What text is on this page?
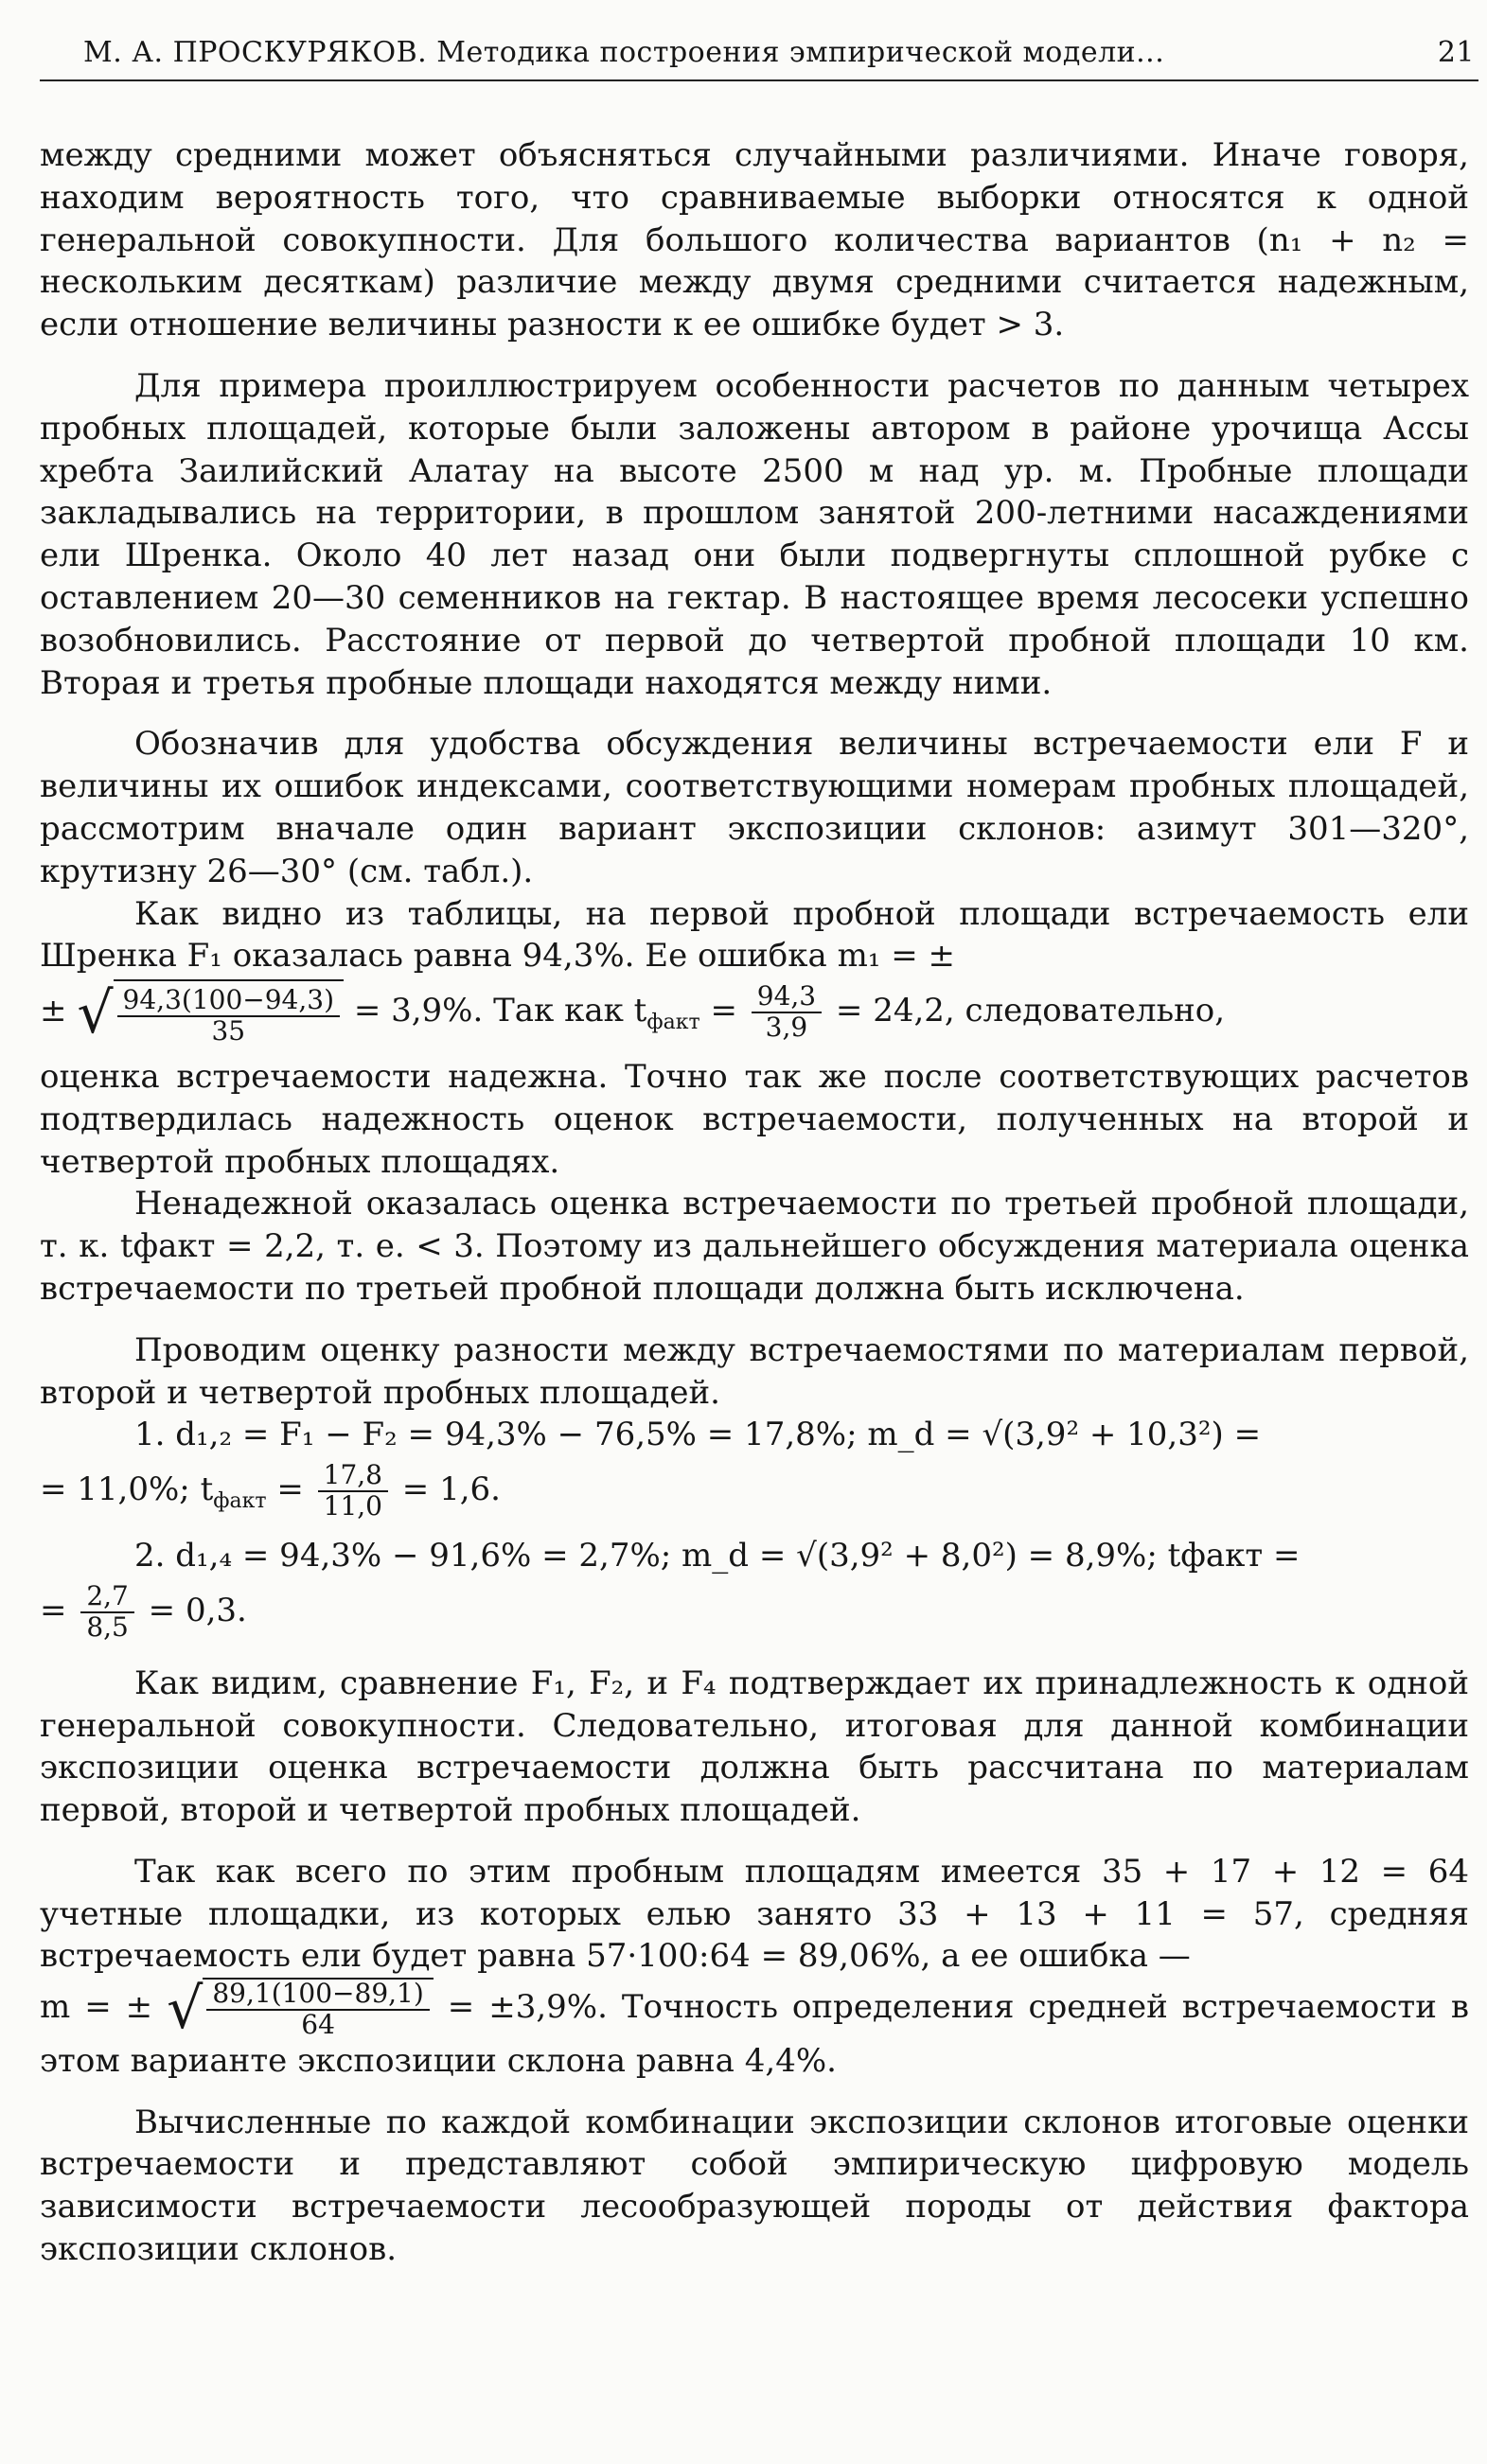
М. А. ПРОСКУРЯКОВ. Методика построения эмпирической модели...	21

между средними может объясняться случайными различиями. Иначе говоря, находим вероятность того, что сравниваемые выборки относятся к одной генеральной совокупности. Для большого количества вариантов (n₁ + n₂ = нескольким десяткам) различие между двумя средними считается надежным, если отношение величины разности к ее ошибке будет > 3.

Для примера проиллюстрируем особенности расчетов по данным четырех пробных площадей, которые были заложены автором в районе урочища Ассы хребта Заилийский Алатау на высоте 2500 м над ур. м. Пробные площади закладывались на территории, в прошлом занятой 200-летними насаждениями ели Шренка. Около 40 лет назад они были подвергнуты сплошной рубке с оставлением 20—30 семенников на гектар. В настоящее время лесосеки успешно возобновились. Расстояние от первой до четвертой пробной площади 10 км. Вторая и третья пробные площади находятся между ними.

Обозначив для удобства обсуждения величины встречаемости ели F и величины их ошибок индексами, соответствующими номерам пробных площадей, рассмотрим вначале один вариант экспозиции склонов: азимут 301—320°, крутизну 26—30° (см. табл.).

Как видно из таблицы, на первой пробной площади встречаемость ели Шренка F₁ оказалась равна 94,3%. Ее ошибка m₁ = ±

± √ $\frac{94,3(100-94,3)}{35} = 3,9\%$. Так как $t_{факт} = \frac{94,3}{3,9} = 24,2$, следовательно,

оценка встречаемости надежна. Точно так же после соответствующих расчетов подтвердилась надежность оценок встречаемости, полученных на второй и четвертой пробных площадях.

Ненадежной оказалась оценка встречаемости по третьей пробной площади, т. к. tфакт = 2,2, т. е. < 3. Поэтому из дальнейшего обсуждения материала оценка встречаемости по третьей пробной площади должна быть исключена.

Проводим оценку разности между встречаемостями по материалам первой, второй и четвертой пробных площадей.

1. d₁,₂ = F₁ − F₂ = 94,3% − 76,5% = 17,8%; m_d = √(3,9² + 10,3²) =

= 11,0%; $t_{факт} = \frac{17,8}{11,0} = 1,6$.

2. d₁,₄ = 94,3% − 91,6% = 2,7%; m_d = √(3,9² + 8,0²) = 8,9%; tфакт =

= $\frac{2,7}{8,5} = 0,3$.

Как видим, сравнение F₁, F₂, и F₄ подтверждает их принадлежность к одной генеральной совокупности. Следовательно, итоговая для данной комбинации экспозиции оценка встречаемости должна быть рассчитана по материалам первой, второй и четвертой пробных площадей.

Так как всего по этим пробным площадям имеется 35 + 17 + 12 = 64 учетные площадки, из которых елью занято 33 + 13 + 11 = 57, средняя встречаемость ели будет равна 57·100:64 = 89,06%, а ее ошибка —

m = ± √ $\frac{89,1(100-89,1)}{64} = \pm 3,9\%$. Точность определения средней встречаемости в этом варианте экспозиции склона равна 4,4%.

Вычисленные по каждой комбинации экспозиции склонов итоговые оценки встречаемости и представляют собой эмпирическую цифровую модель зависимости встречаемости лесообразующей породы от действия фактора экспозиции склонов.
